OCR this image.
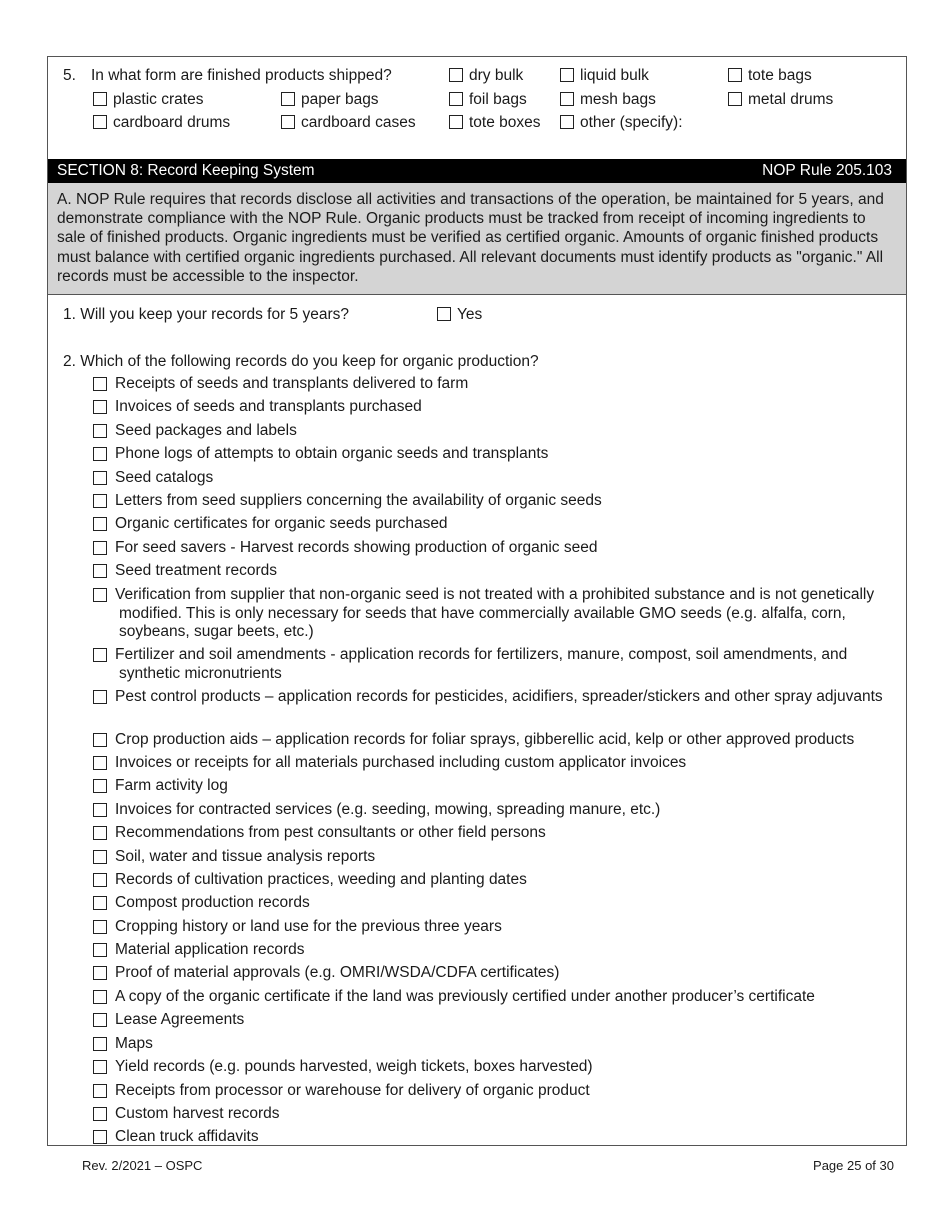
5. In what form are finished products shipped?	dry bulk	liquid bulk	tote bags
plastic crates	paper bags	foil bags	mesh bags	metal drums
cardboard drums	cardboard cases	tote boxes	other (specify):
SECTION 8: Record Keeping System	NOP Rule 205.103
A. NOP Rule requires that records disclose all activities and transactions of the operation, be maintained for 5 years, and demonstrate compliance with the NOP Rule. Organic products must be tracked from receipt of incoming ingredients to sale of finished products. Organic ingredients must be verified as certified organic. Amounts of organic finished products must balance with certified organic ingredients purchased. All relevant documents must identify products as "organic." All records must be accessible to the inspector.
1. Will you keep your records for 5 years?	Yes
2. Which of the following records do you keep for organic production?
Receipts of seeds and transplants delivered to farm
Invoices of seeds and transplants purchased
Seed packages and labels
Phone logs of attempts to obtain organic seeds and transplants
Seed catalogs
Letters from seed suppliers concerning the availability of organic seeds
Organic certificates for organic seeds purchased
For seed savers - Harvest records showing production of organic seed
Seed treatment records
Verification from supplier that non-organic seed is not treated with a prohibited substance and is not genetically modified. This is only necessary for seeds that have commercially available GMO seeds (e.g. alfalfa, corn, soybeans, sugar beets, etc.)
Fertilizer and soil amendments - application records for fertilizers, manure, compost, soil amendments, and synthetic micronutrients
Pest control products – application records for pesticides, acidifiers, spreader/stickers and other spray adjuvants
Crop production aids – application records for foliar sprays, gibberellic acid, kelp or other approved products
Invoices or receipts for all materials purchased including custom applicator invoices
Farm activity log
Invoices for contracted services (e.g. seeding, mowing, spreading manure, etc.)
Recommendations from pest consultants or other field persons
Soil, water and tissue analysis reports
Records of cultivation practices, weeding and planting dates
Compost production records
Cropping history or land use for the previous three years
Material application records
Proof of material approvals (e.g. OMRI/WSDA/CDFA certificates)
A copy of the organic certificate if the land was previously certified under another producer’s certificate
Lease Agreements
Maps
Yield records (e.g. pounds harvested, weigh tickets, boxes harvested)
Receipts from processor or warehouse for delivery of organic product
Custom harvest records
Clean truck affidavits
Rev. 2/2021 – OSPC	Page 25 of 30
